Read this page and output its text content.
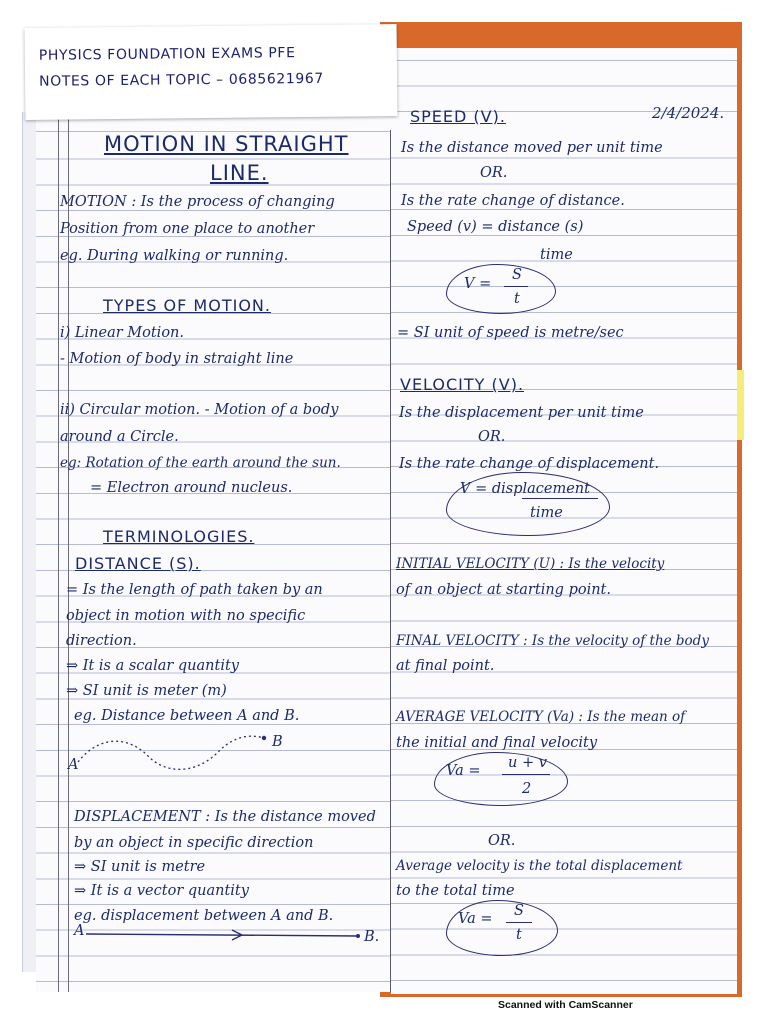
PHYSICS FOUNDATION EXAMS PFE
NOTES OF EACH TOPIC – 0685621967
MOTION IN STRAIGHT
LINE.
MOTION : Is the process of changing
Position from one place to another
eg. During walking or running.
TYPES OF MOTION.
i) Linear Motion.
- Motion of body in straight line
ii) Circular motion. - Motion of a body
around a Circle.
eg: Rotation of the earth around the sun.
= Electron around nucleus.
TERMINOLOGIES.
DISTANCE (S).
= Is the length of path taken by an
object in motion with no specific
direction.
⇒ It is a scalar quantity
⇒ SI unit is meter (m)
eg. Distance between A and B.
A
B
DISPLACEMENT : Is the distance moved
by an object in specific direction
⇒ SI unit is metre
⇒ It is a vector quantity
eg. displacement between A and B.
A	B.
2/4/2024.
SPEED (V).
Is the distance moved per unit time
OR.
Is the rate change of distance.
Speed (v) = distance (s)
time
V =
S
t
= SI unit of speed is metre/sec
VELOCITY (V).
Is the displacement per unit time
OR.
Is the rate change of displacement.
V = displacement
time
INITIAL VELOCITY (U) : Is the velocity
of an object at starting point.
FINAL VELOCITY : Is the velocity of the body
at final point.
AVERAGE VELOCITY (Va) : Is the mean of
the initial and final velocity
Va = u + v
2
OR.
Average velocity is the total displacement
to the total time
Va = S
t
Scanned with CamScanner
